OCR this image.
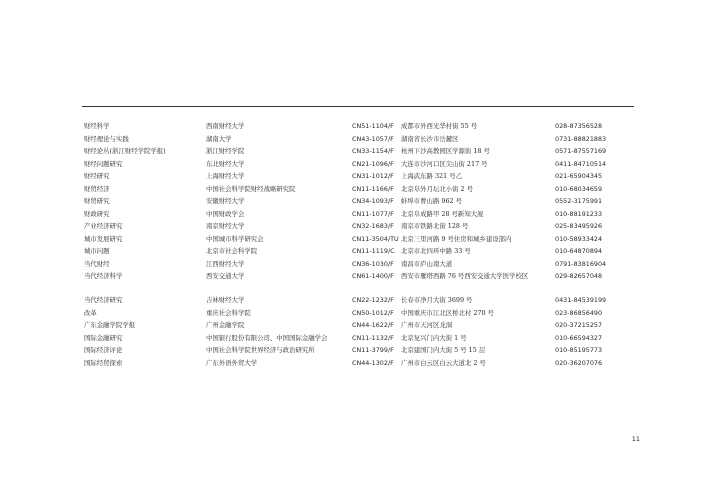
财经科学	西南财经大学	CN51-1104/F	成都市外西光华村街 55 号	028-87356528
财经理论与实践	湖南大学	CN43-1057/F	湖南省长沙市岳麓区	0731-88821883
财经论丛(浙江财经学院学报)	浙江财经学院	CN33-1154/F	杭州下沙高教园区学源街 18 号	0571-87557169
财经问题研究	东北财经大学	CN21-1096/F	大连市沙河口区尖山街 217 号	0411-84710514
财经研究	上海财经大学	CN31-1012/F	上海武东路 321 号乙	021-65904345
财贸经济	中国社会科学院财经战略研究院	CN11-1166/F	北京阜外月坛北小街 2 号	010-68034659
财贸研究	安徽财经大学	CN34-1093/F	蚌埠市曹山路 962 号	0552-3175991
财政研究	中国财政学会	CN11-1077/F	北京阜成路甲 28 号新知大厦	010-88191233
产业经济研究	南京财经大学	CN32-1683/F	南京市铁路北街 128 号	025-83495926
城市发展研究	中国城市科学研究会	CN11-3504/TU	北京三里河路 9 号住房和城乡建设部内	010-58933424
城市问题	北京市社会科学院	CN11-1119/C	北京市北四环中路 33 号	010-64870894
当代财经	江西财经大学	CN36-1030/F	南昌市庐山南大道	0791-83816904
当代经济科学	西安交通大学	CN61-1400/F	西安市雁塔西路 76 号西安交通大学医学校区	029-82657048
当代经济研究	吉林财经大学	CN22-1232/F	长春市净月大街 3699 号	0431-84539199
改革	重庆社会科学院	CN50-1012/F	中国重庆市江北区桥北村 270 号	023-86856490
广东金融学院学报	广州金融学院	CN44-1622/F	广州市天河区龙洞	020-37215257
国际金融研究	中国银行股份有限公司、中国国际金融学会	CN11-1132/F	北京复兴门内大街 1 号	010-66594327
国际经济评论	中国社会科学院世界经济与政治研究所	CN11-3799/F	北京建国门内大街 5 号 15 层	010-85195773
国际经贸探索	广东外语外贸大学	CN44-1302/F	广州市白云区白云大道北 2 号	020-36207076
11
